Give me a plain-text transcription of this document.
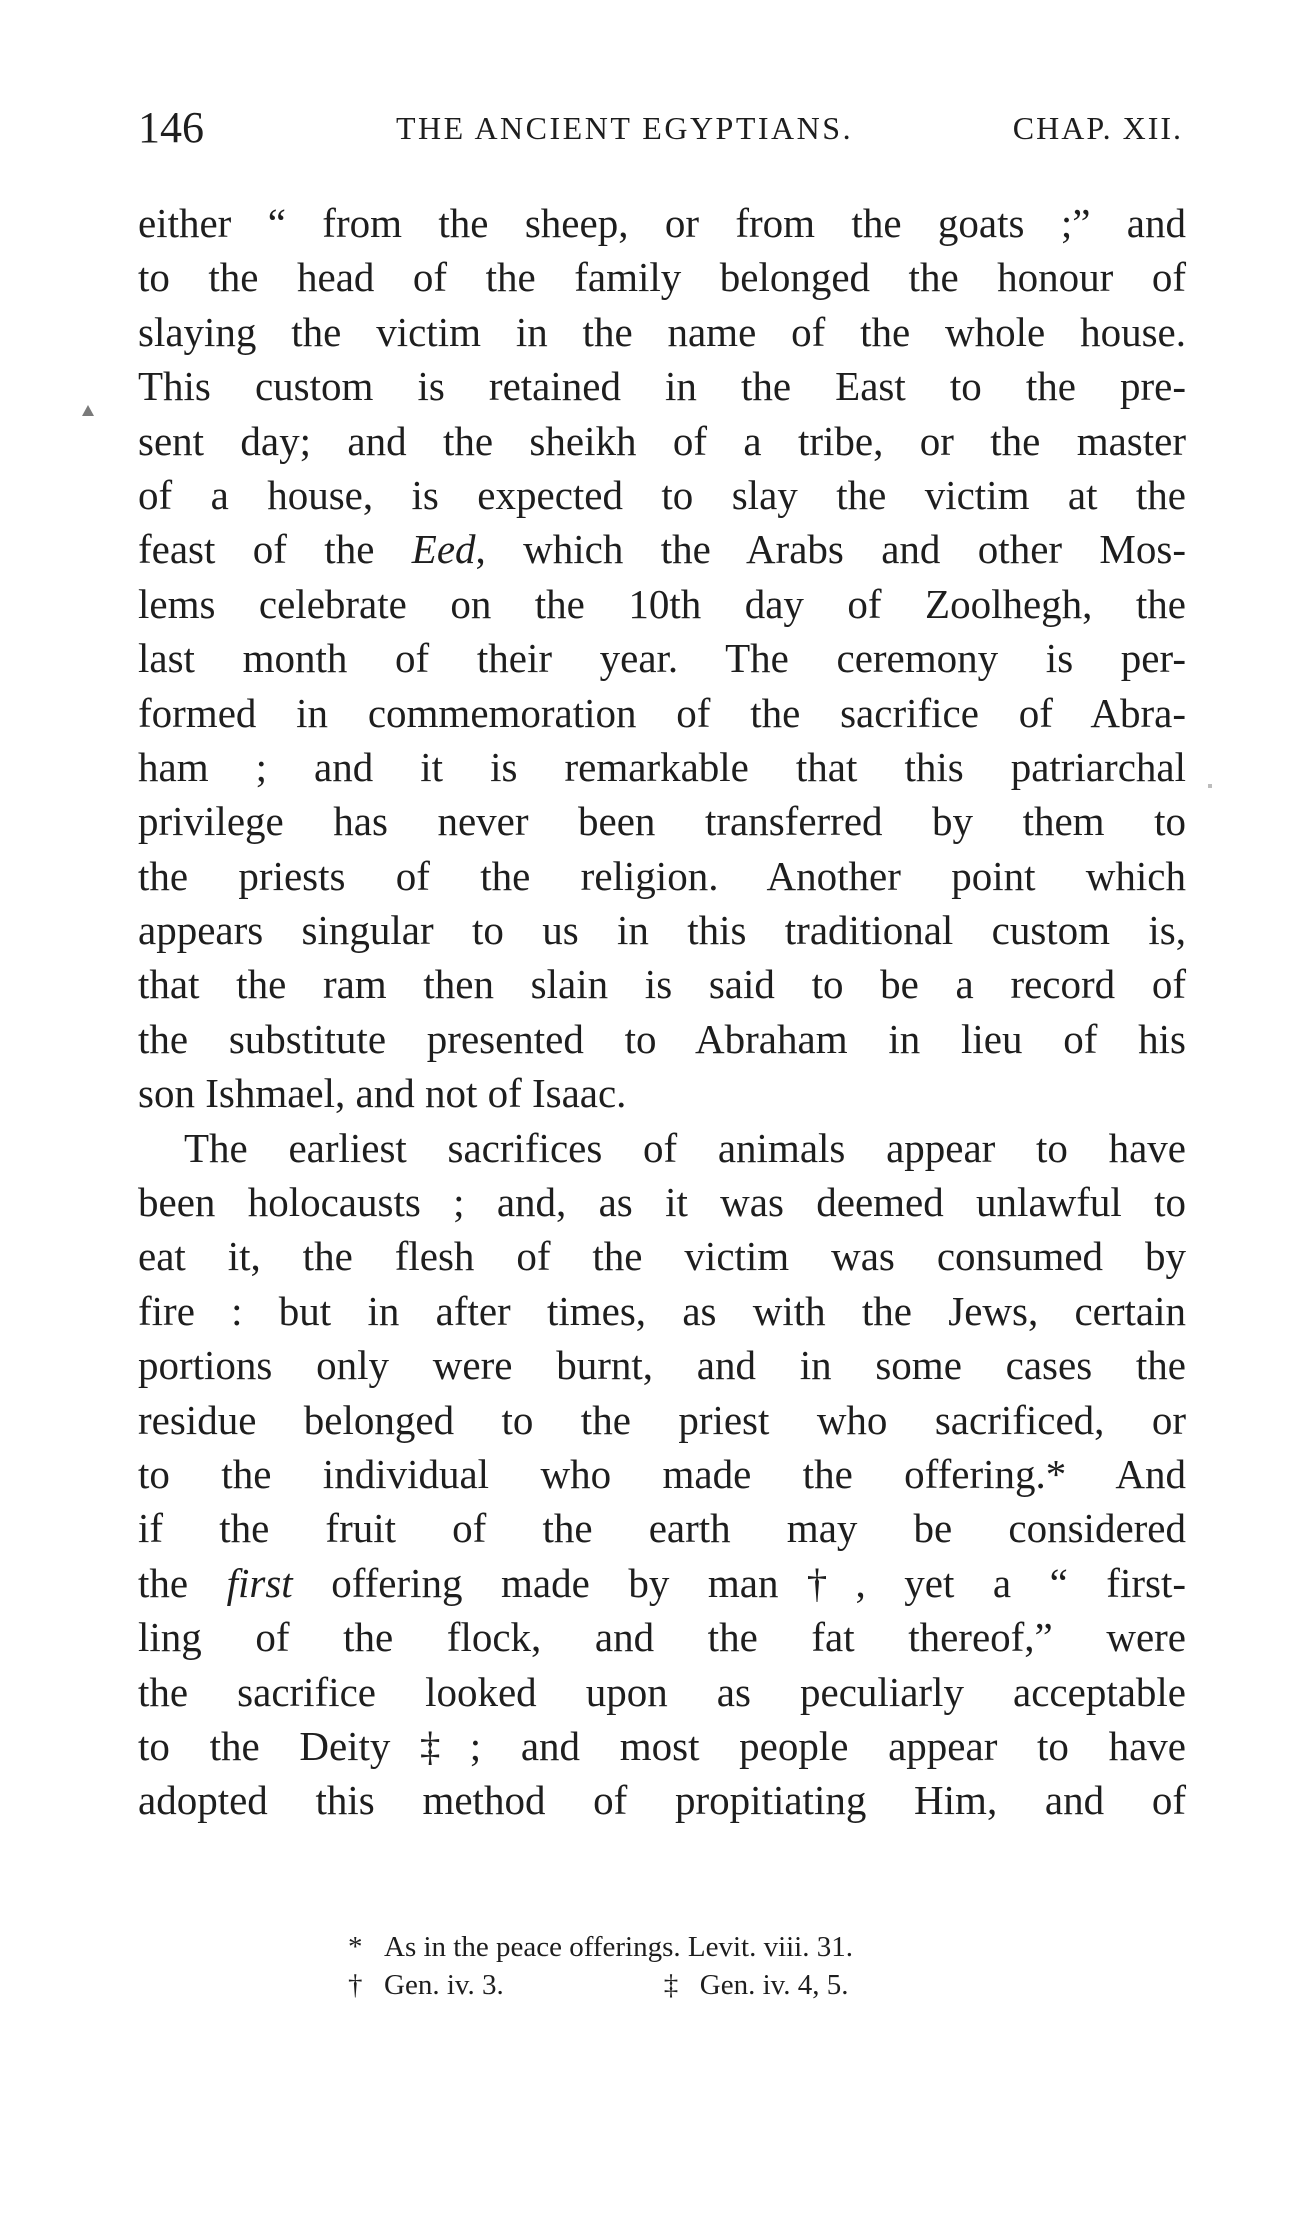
146	THE ANCIENT EGYPTIANS.	CHAP. XII.
either “ from the sheep, or from the goats ;” and
to the head of the family belonged the honour of
slaying the victim in the name of the whole house.
This custom is retained in the East to the pre-
sent day; and the sheikh of a tribe, or the master
of a house, is expected to slay the victim at the
feast of the Eed, which the Arabs and other Mos-
lems celebrate on the 10th day of Zoolhegh, the
last month of their year. The ceremony is per-
formed in commemoration of the sacrifice of Abra-
ham ; and it is remarkable that this patriarchal
privilege has never been transferred by them to
the priests of the religion. Another point which
appears singular to us in this traditional custom is,
that the ram then slain is said to be a record of
the substitute presented to Abraham in lieu of his
son Ishmael, and not of Isaac.
The earliest sacrifices of animals appear to have
been holocausts ; and, as it was deemed unlawful to
eat it, the flesh of the victim was consumed by
fire : but in after times, as with the Jews, certain
portions only were burnt, and in some cases the
residue belonged to the priest who sacrificed, or
to the individual who made the offering.* And
if the fruit of the earth may be considered
the first offering made by man†, yet a “ first-
ling of the flock, and the fat thereof,” were
the sacrifice looked upon as peculiarly acceptable
to the Deity‡; and most people appear to have
adopted this method of propitiating Him, and of
* As in the peace offerings. Levit. viii. 31.
† Gen. iv. 3.	‡ Gen. iv. 4, 5.
